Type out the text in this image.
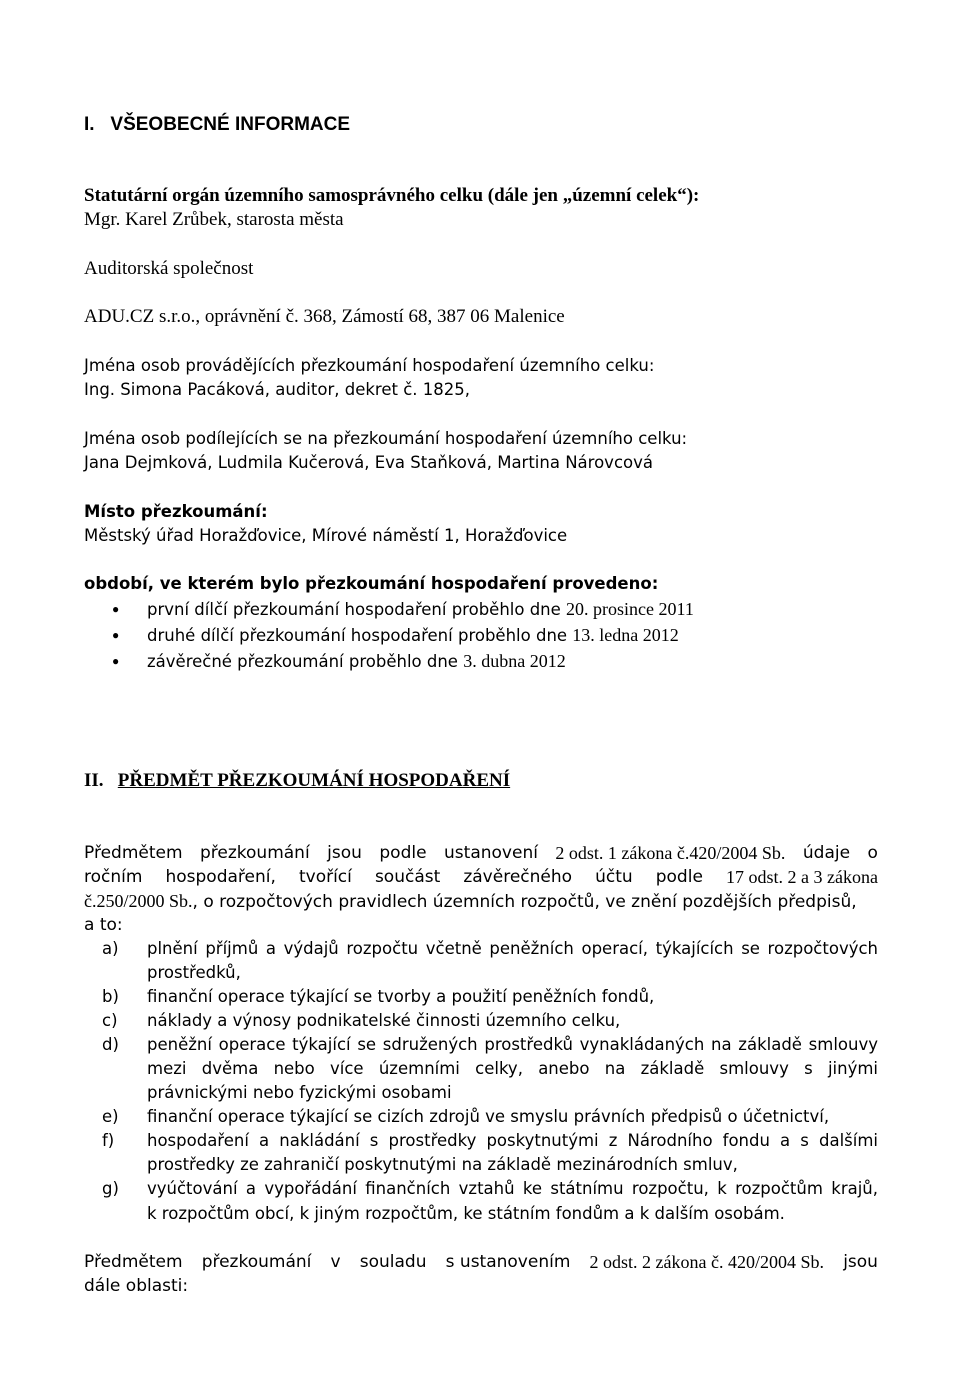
I.   VŠEOBECNÉ INFORMACE
Statutární orgán územního samosprávného celku (dále jen „územní celek“):
Mgr. Karel Zrůbek, starosta města
Auditorská společnost
ADU.CZ s.r.o., oprávnění č. 368, Zámostí 68, 387 06 Malenice
Jména osob provádějících přezkoumání hospodaření územního celku:
Ing. Simona Pacáková, auditor, dekret č. 1825,
Jména osob podílejících se na přezkoumání hospodaření územního celku:
Jana Dejmková, Ludmila Kučerová, Eva Staňková, Martina Nárovcová
Místo přezkoumání:
Městský úřad Horažďovice, Mírové náměstí 1, Horažďovice
období, ve kterém bylo přezkoumání hospodaření provedeno:
● první dílčí přezkoumání hospodaření proběhlo dne 20. prosince 2011
● druhé dílčí přezkoumání hospodaření proběhlo dne 13. ledna 2012
● závěrečné přezkoumání proběhlo dne 3. dubna 2012
II. PŘEDMĚT PŘEZKOUMÁNÍ HOSPODAŘENÍ
Předmětem přezkoumání jsou podle ustanovení 2 odst. 1 zákona č.420/2004 Sb. údaje o
ročním hospodaření, tvořící součást závěrečného účtu podle 17 odst. 2 a 3 zákona
č.250/2000 Sb., o rozpočtových pravidlech územních rozpočtů, ve znění pozdějších předpisů,
a to:
a) plnění příjmů a výdajů rozpočtu včetně peněžních operací, týkajících se rozpočtových
prostředků,
b) finanční operace týkající se tvorby a použití peněžních fondů,
c) náklady a výnosy podnikatelské činnosti územního celku,
d) peněžní operace týkající se sdružených prostředků vynakládaných na základě smlouvy
mezi dvěma nebo více územními celky, anebo na základě smlouvy s jinými
právnickými nebo fyzickými osobami
e) finanční operace týkající se cizích zdrojů ve smyslu právních předpisů o účetnictví,
f) hospodaření a nakládání s prostředky poskytnutými z Národního fondu a s dalšími
prostředky ze zahraničí poskytnutými na základě mezinárodních smluv,
g) vyúčtování a vypořádání finančních vztahů ke státnímu rozpočtu, k rozpočtům krajů,
k rozpočtům obcí, k jiným rozpočtům, ke státním fondům a k dalším osobám.
Předmětem přezkoumání v souladu s ustanovením 2 odst. 2 zákona č. 420/2004 Sb. jsou
dále oblasti:
